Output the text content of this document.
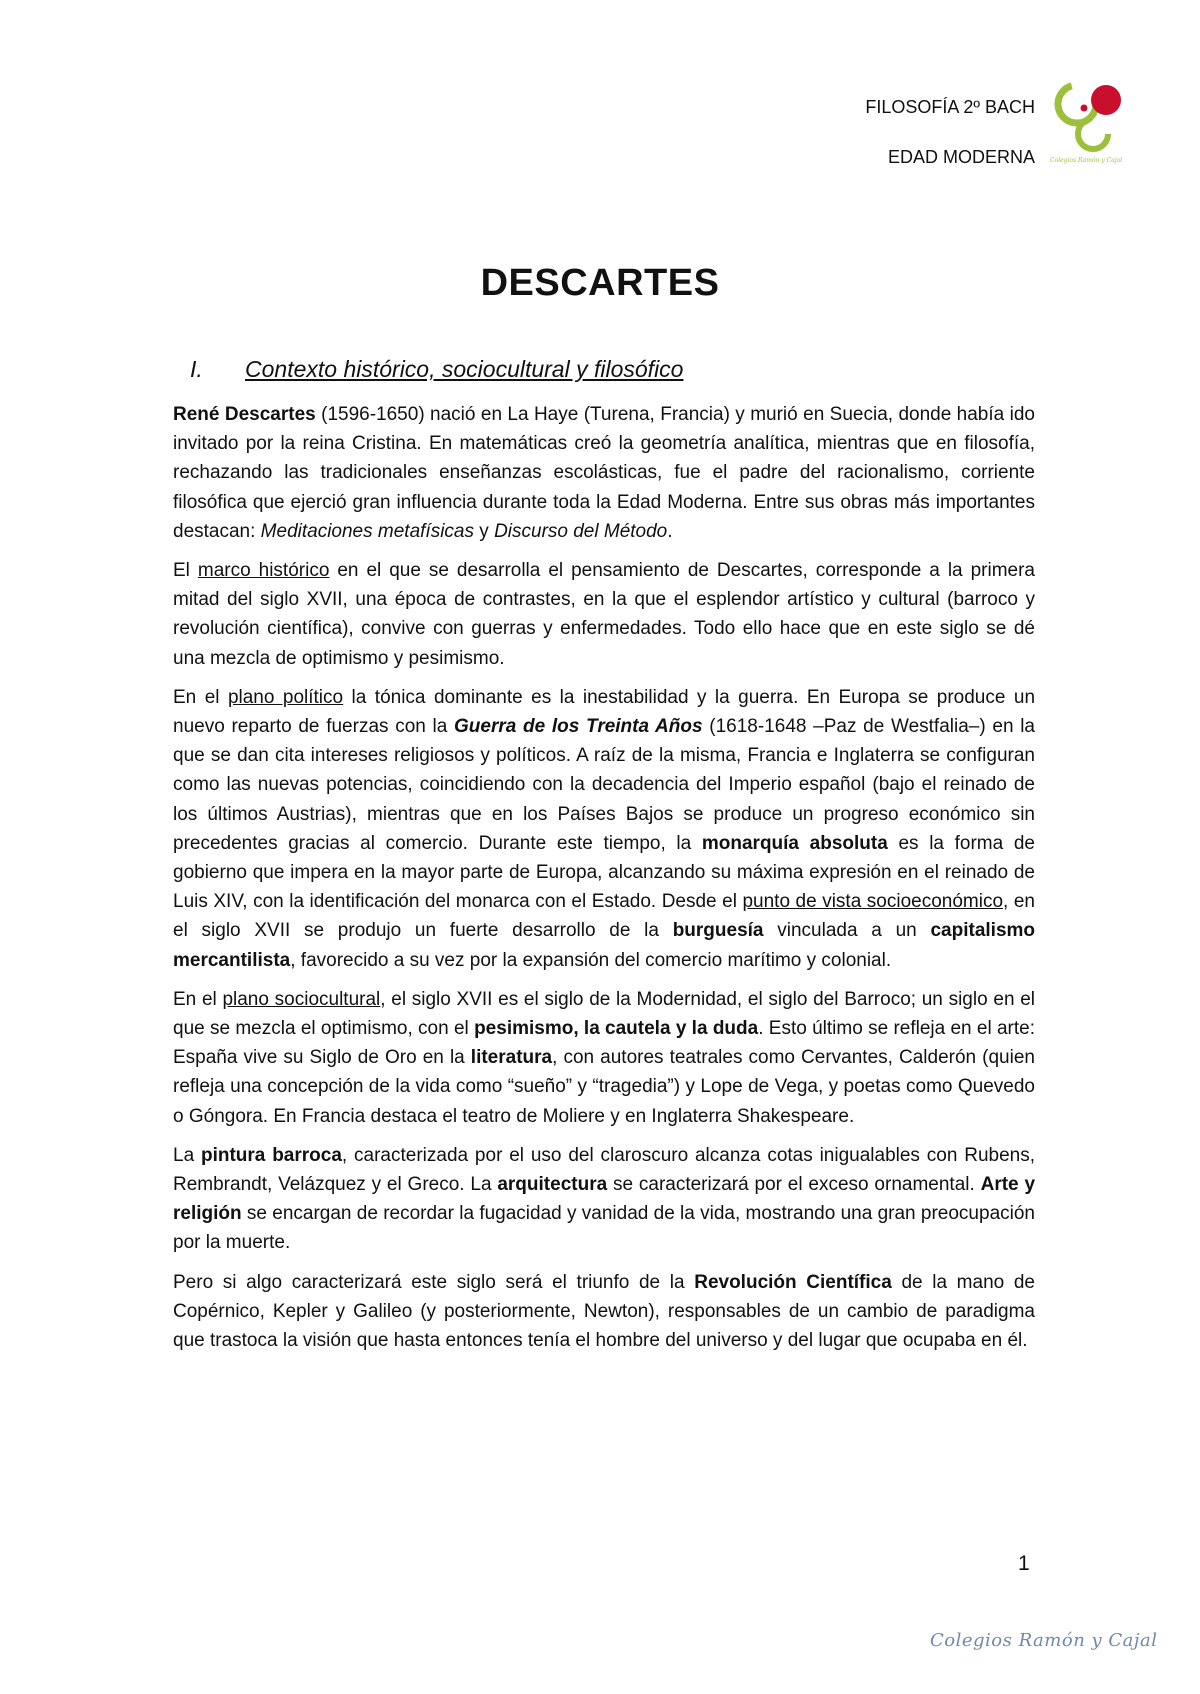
FILOSOFÍA 2º BACH
EDAD MODERNA	Colegios Ramón y Cajal
DESCARTES
I. Contexto histórico, sociocultural y filosófico

René Descartes (1596-1650) nació en La Haye (Turena, Francia) y murió en Suecia, donde había ido invitado por la reina Cristina. En matemáticas creó la geometría analítica, mientras que en filosofía, rechazando las tradicionales enseñanzas escolásticas, fue el padre del racionalismo, corriente filosófica que ejerció gran influencia durante toda la Edad Moderna. Entre sus obras más importantes destacan: Meditaciones metafísicas y Discurso del Método.

El marco histórico en el que se desarrolla el pensamiento de Descartes, corresponde a la primera mitad del siglo XVII, una época de contrastes, en la que el esplendor artístico y cultural (barroco y revolución científica), convive con guerras y enfermedades. Todo ello hace que en este siglo se dé una mezcla de optimismo y pesimismo.

En el plano político la tónica dominante es la inestabilidad y la guerra. En Europa se produce un nuevo reparto de fuerzas con la Guerra de los Treinta Años (1618-1648 –Paz de Westfalia–) en la que se dan cita intereses religiosos y políticos. A raíz de la misma, Francia e Inglaterra se configuran como las nuevas potencias, coincidiendo con la decadencia del Imperio español (bajo el reinado de los últimos Austrias), mientras que en los Países Bajos se produce un progreso económico sin precedentes gracias al comercio. Durante este tiempo, la monarquía absoluta es la forma de gobierno que impera en la mayor parte de Europa, alcanzando su máxima expresión en el reinado de Luis XIV, con la identificación del monarca con el Estado. Desde el punto de vista socioeconómico, en el siglo XVII se produjo un fuerte desarrollo de la burguesía vinculada a un capitalismo mercantilista, favorecido a su vez por la expansión del comercio marítimo y colonial.

En el plano sociocultural, el siglo XVII es el siglo de la Modernidad, el siglo del Barroco; un siglo en el que se mezcla el optimismo, con el pesimismo, la cautela y la duda. Esto último se refleja en el arte: España vive su Siglo de Oro en la literatura, con autores teatrales como Cervantes, Calderón (quien refleja una concepción de la vida como “sueño” y “tragedia”) y Lope de Vega, y poetas como Quevedo o Góngora. En Francia destaca el teatro de Moliere y en Inglaterra Shakespeare.

La pintura barroca, caracterizada por el uso del claroscuro alcanza cotas inigualables con Rubens, Rembrandt, Velázquez y el Greco. La arquitectura se caracterizará por el exceso ornamental. Arte y religión se encargan de recordar la fugacidad y vanidad de la vida, mostrando una gran preocupación por la muerte.

Pero si algo caracterizará este siglo será el triunfo de la Revolución Científica de la mano de Copérnico, Kepler y Galileo (y posteriormente, Newton), responsables de un cambio de paradigma que trastoca la visión que hasta entonces tenía el hombre del universo y del lugar que ocupaba en él.

1
Colegios Ramón y Cajal
